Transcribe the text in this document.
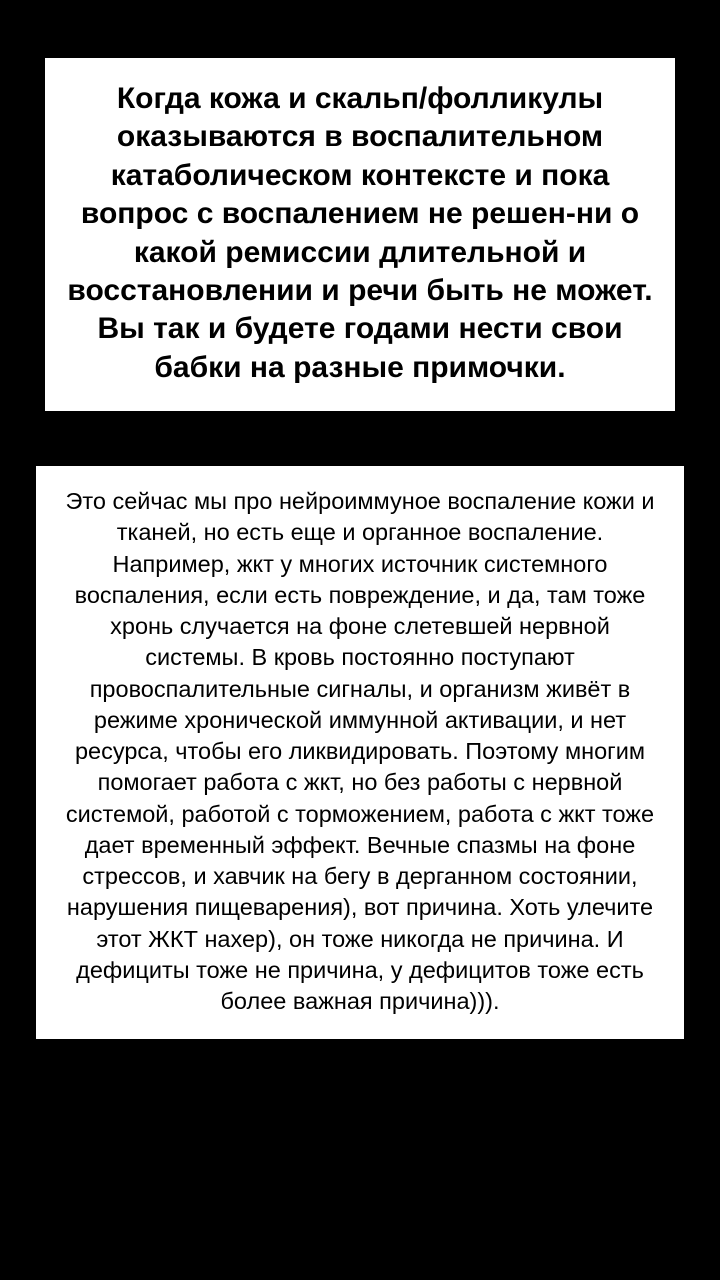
Когда кожа и скальп/фолликулы оказываются в воспалительном катаболическом контексте и пока вопрос с воспалением не решен-ни о какой ремиссии длительной и восстановлении и речи быть не может. Вы так и будете годами нести свои бабки на разные примочки.

Это сейчас мы про нейроиммуное воспаление кожи и тканей, но есть еще и органное воспаление. Например, жкт у многих источник системного воспаления, если есть повреждение, и да, там тоже хронь случается на фоне слетевшей нервной системы. В кровь постоянно поступают провоспалительные сигналы, и организм живёт в режиме хронической иммунной активации, и нет ресурса, чтобы его ликвидировать. Поэтому многим помогает работа с жкт, но без работы с нервной системой, работой с торможением, работа с жкт тоже дает временный эффект. Вечные спазмы на фоне стрессов, и хавчик на бегу в дерганном состоянии, нарушения пищеварения), вот причина. Хоть улечите этот ЖКТ нахер), он тоже никогда не причина. И дефициты тоже не причина, у дефицитов тоже есть более важная причина))).
